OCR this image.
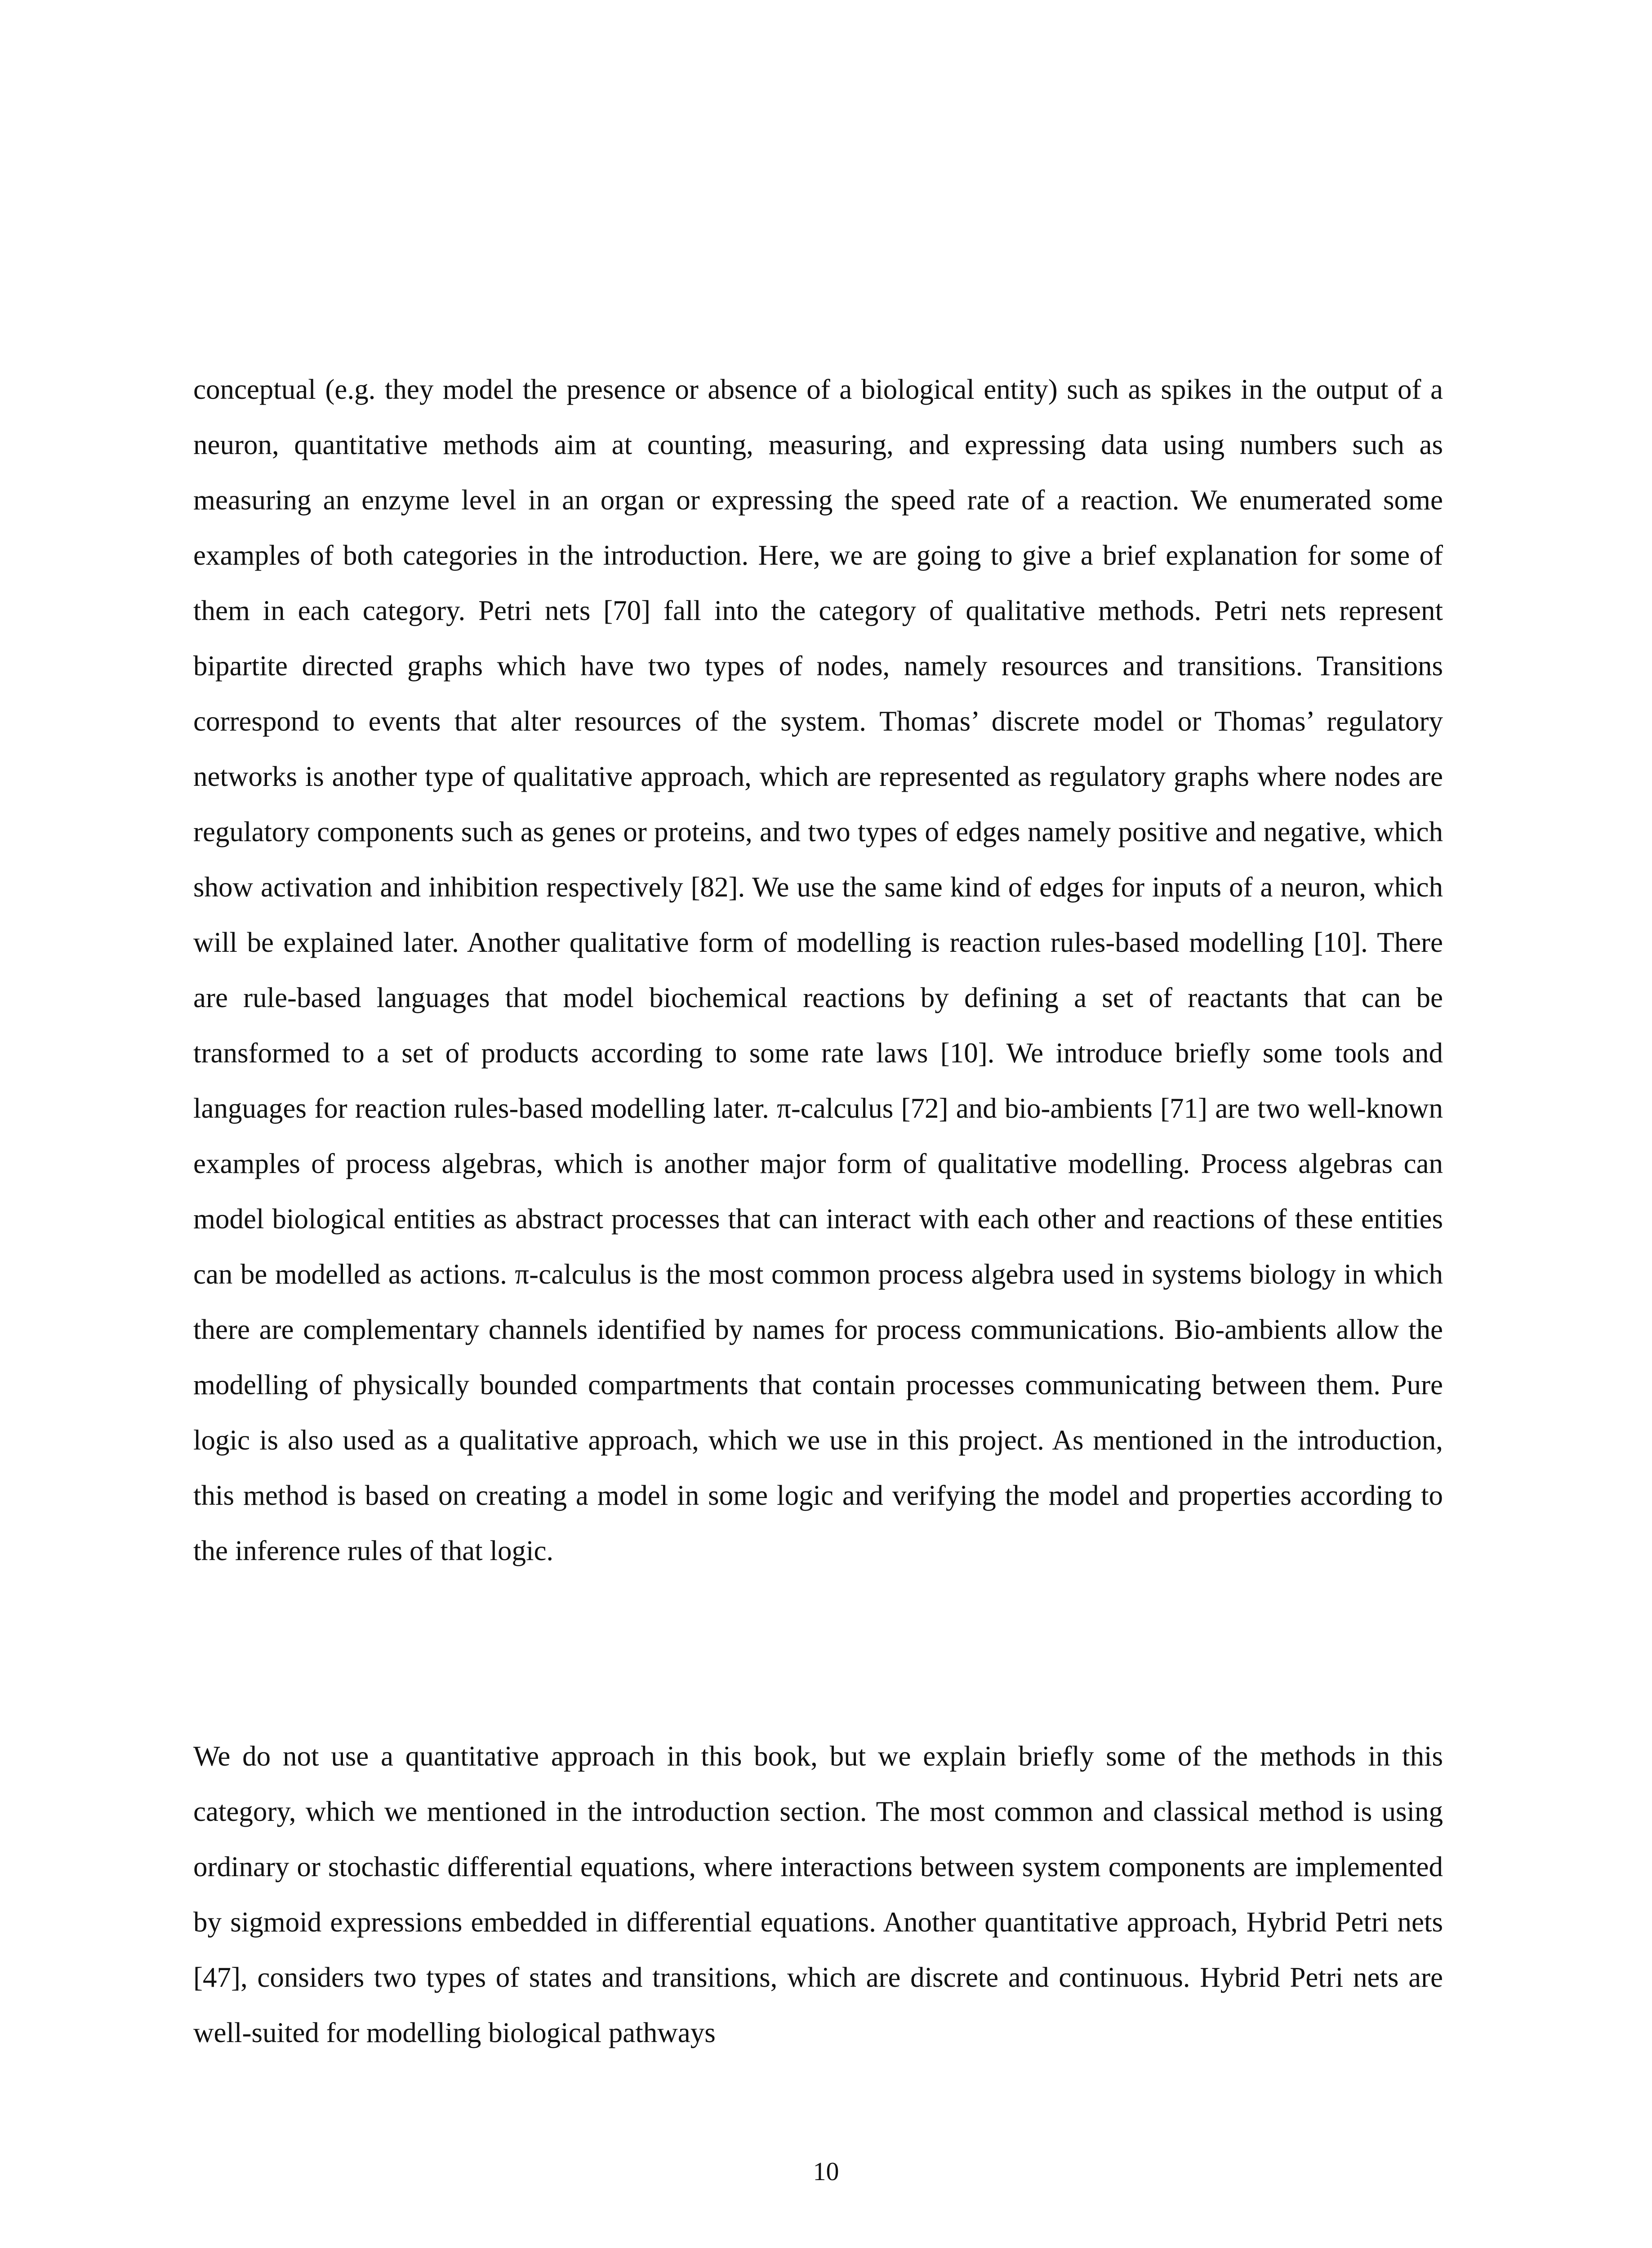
conceptual (e.g. they model the presence or absence of a biological entity) such as spikes in the output of a neuron, quantitative methods aim at counting, measuring, and expressing data using numbers such as measuring an enzyme level in an organ or expressing the speed rate of a reaction. We enumerated some examples of both categories in the introduction. Here, we are going to give a brief explanation for some of them in each category. Petri nets [70] fall into the category of qualitative methods. Petri nets represent bipartite directed graphs which have two types of nodes, namely resources and transitions. Transitions correspond to events that alter resources of the system. Thomas’ discrete model or Thomas’ regulatory networks is another type of qualitative approach, which are represented as regulatory graphs where nodes are regulatory components such as genes or proteins, and two types of edges namely positive and negative, which show activation and inhibition respectively [82]. We use the same kind of edges for inputs of a neuron, which will be explained later. Another qualitative form of modelling is reaction rules-based modelling [10]. There are rule-based languages that model biochemical reactions by defining a set of reactants that can be transformed to a set of products according to some rate laws [10]. We introduce briefly some tools and languages for reaction rules-based modelling later. π-calculus [72] and bio-ambients [71] are two well-known examples of process algebras, which is another major form of qualitative modelling. Process algebras can model biological entities as abstract processes that can interact with each other and reactions of these entities can be modelled as actions. π-calculus is the most common process algebra used in systems biology in which there are complementary channels identified by names for process communications. Bio-ambients allow the modelling of physically bounded compartments that contain processes communicating between them. Pure logic is also used as a qualitative approach, which we use in this project. As mentioned in the introduction, this method is based on creating a model in some logic and verifying the model and properties according to the inference rules of that logic.

We do not use a quantitative approach in this book, but we explain briefly some of the methods in this category, which we mentioned in the introduction section. The most common and classical method is using ordinary or stochastic differential equations, where interactions between system components are implemented by sigmoid expressions embedded in differential equations. Another quantitative approach, Hybrid Petri nets [47], considers two types of states and transitions, which are discrete and continuous. Hybrid Petri nets are well-suited for modelling biological pathways

10
